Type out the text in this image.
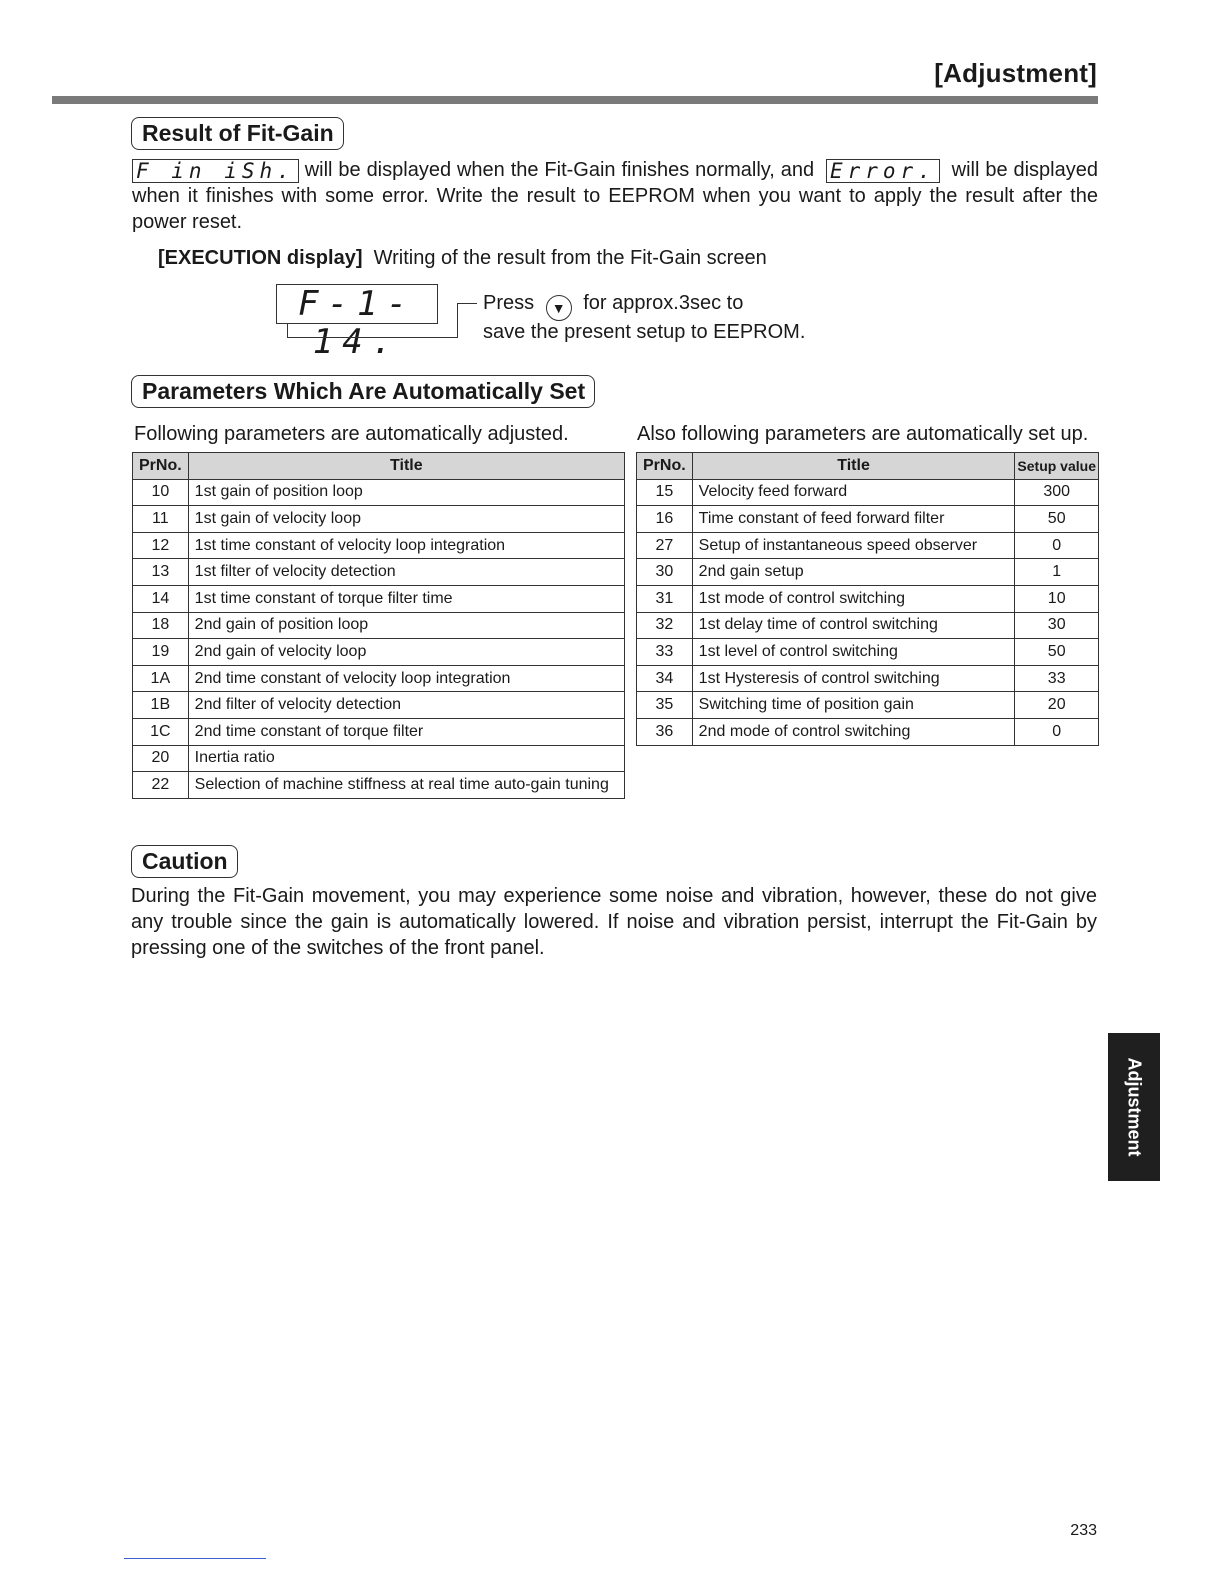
[Adjustment]
Result of Fit-Gain
F in iSh. will be displayed when the Fit-Gain finishes normally, and Error. will be displayed when it finishes with some error. Write the result to EEPROM when you want to apply the result after the power reset.
[EXECUTION display] Writing of the result from the Fit-Gain screen
F-1-14.
Press ▼ for approx.3sec to
save the present setup to EEPROM.
Parameters Which Are Automatically Set
Following parameters are automatically adjusted.	Also following parameters are automatically set up.
PrNo.	Title
10	1st gain of position loop
11	1st gain of velocity loop
12	1st time constant of velocity loop integration
13	1st filter of velocity detection
14	1st time constant of torque filter time
18	2nd gain of position loop
19	2nd gain of velocity loop
1A	2nd time constant of velocity loop integration
1B	2nd filter of velocity detection
1C	2nd time constant of torque filter
20	Inertia ratio
22	Selection of machine stiffness at real time auto-gain tuning
PrNo.	Title	Setup value
15	Velocity feed forward	300
16	Time constant of feed forward filter	50
27	Setup of instantaneous speed observer	0
30	2nd gain setup	1
31	1st mode of control switching	10
32	1st delay time of control switching	30
33	1st level of control switching	50
34	1st Hysteresis of control switching	33
35	Switching time of position gain	20
36	2nd mode of control switching	0
Caution
During the Fit-Gain movement, you may experience some noise and vibration, however, these do not give any trouble since the gain is automatically lowered. If noise and vibration persist, interrupt the Fit-Gain by pressing one of the switches of the front panel.
Adjustment
233
